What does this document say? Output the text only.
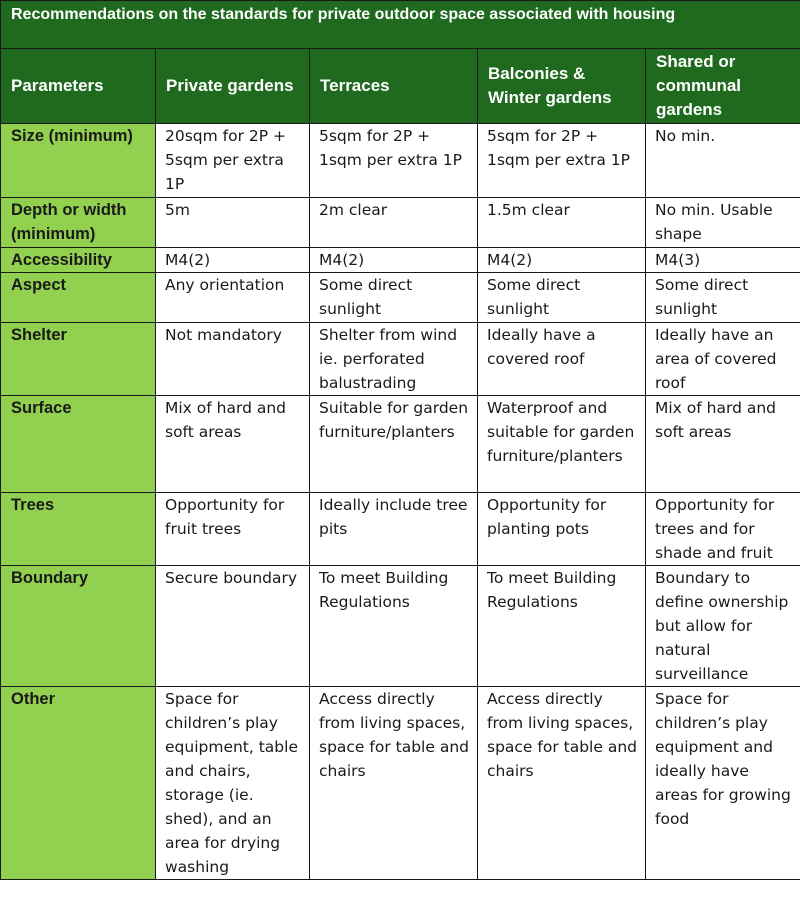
Recommendations on the standards for private outdoor space associated with housing				
Parameters	Private gardens	Terraces	Balconies & Winter gardens	Shared or communal gardens
Size (minimum)	20sqm for 2P + 5sqm per extra 1P	5sqm for 2P + 1sqm per extra 1P	5sqm for 2P + 1sqm per extra 1P	No min.
Depth or width (minimum)	5m	2m clear	1.5m clear	No min. Usable shape
Accessibility	M4(2)	M4(2)	M4(2)	M4(3)
Aspect	Any orientation	Some direct sunlight	Some direct sunlight	Some direct sunlight
Shelter	Not mandatory	Shelter from wind ie. perforated balustrading	Ideally have a covered roof	Ideally have an area of covered roof
Surface	Mix of hard and soft areas	Suitable for garden furniture/planters	Waterproof and suitable for garden furniture/planters	Mix of hard and soft areas
Trees	Opportunity for fruit trees	Ideally include tree pits	Opportunity for planting pots	Opportunity for trees and for shade and fruit
Boundary	Secure boundary	To meet Building Regulations	To meet Building Regulations	Boundary to define ownership but allow for natural surveillance
Other	Space for children’s play equipment, table and chairs, storage (ie. shed), and an area for drying washing	Access directly from living spaces, space for table and chairs	Access directly from living spaces, space for table and chairs	Space for children’s play equipment and ideally have areas for growing food
